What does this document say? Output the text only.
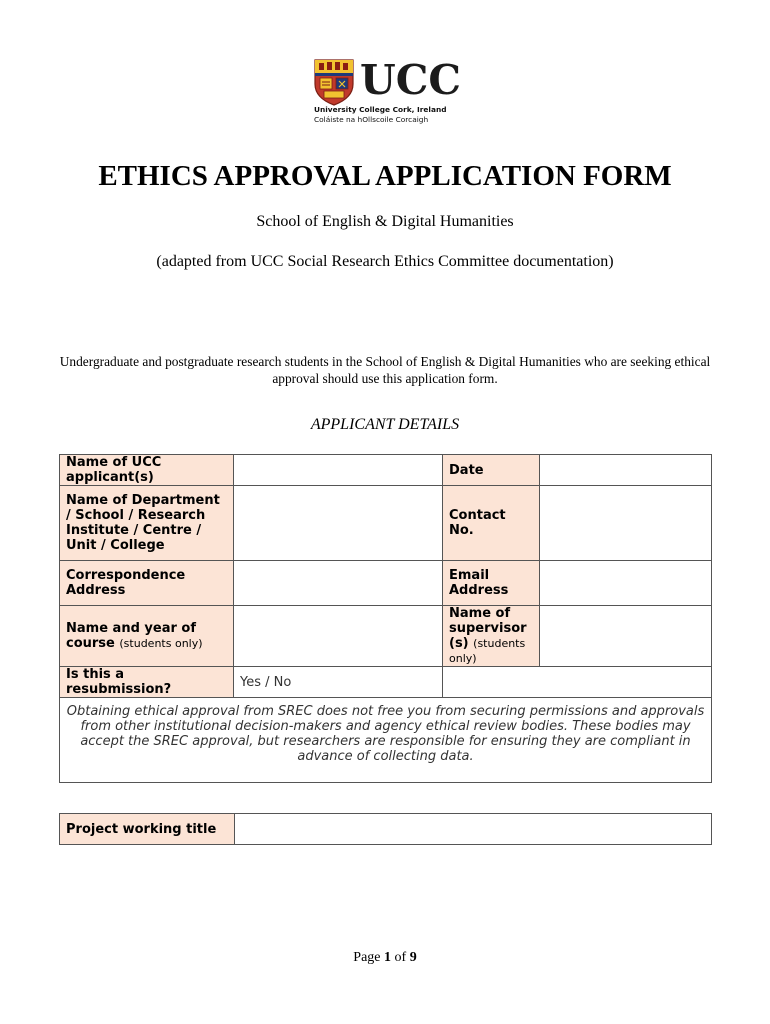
UCC
University College Cork, Ireland
Coláiste na hOllscoile Corcaigh
ETHICS APPROVAL APPLICATION FORM
School of English & Digital Humanities
(adapted from UCC Social Research Ethics Committee documentation)
Undergraduate and postgraduate research students in the School of English & Digital Humanities who are seeking ethical approval should use this application form.
APPLICANT DETAILS
Name of UCC applicant(s)		Date	
Name of Department / School / Research Institute / Centre / Unit / College		Contact No.	
Correspondence Address		Email Address	
Name and year of course (students only)		Name of supervisor (s) (students only)	
Is this a resubmission?	Yes / No		
Obtaining ethical approval from SREC does not free you from securing permissions and approvals from other institutional decision-makers and agency ethical review bodies. These bodies may accept the SREC approval, but researchers are responsible for ensuring they are compliant in advance of collecting data.			
Project working title	
Page 1 of 9
